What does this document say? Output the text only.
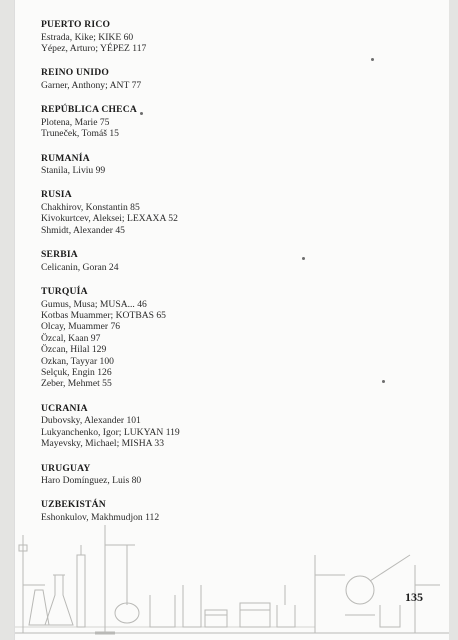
PUERTO RICO
Estrada, Kike; KIKE 60
Yépez, Arturo; YÉPEZ 117
REINO UNIDO
Garner, Anthony; ANT 77
REPÚBLICA CHECA
Plotena, Marie 75
Truneček, Tomáš 15
RUMANÍA
Stanila, Liviu 99
RUSIA
Chakhirov, Konstantin 85
Kivokurtcev, Aleksei; LEXAXA 52
Shmidt, Alexander 45
SERBIA
Celicanin, Goran 24
TURQUÍA
Gumus, Musa; MUSA... 46
Kotbas Muammer; KOTBAS 65
Olcay, Muammer 76
Özcal, Kaan 97
Özcan, Hilal 129
Ozkan, Tayyar 100
Selçuk, Engin 126
Zeber, Mehmet 55
UCRANIA
Dubovsky, Alexander 101
Lukyanchenko, Igor; LUKYAN 119
Mayevsky, Michael; MISHA 33
URUGUAY
Haro Domínguez, Luis 80
UZBEKISTÁN
Eshonkulov, Makhmudjon 112
135
